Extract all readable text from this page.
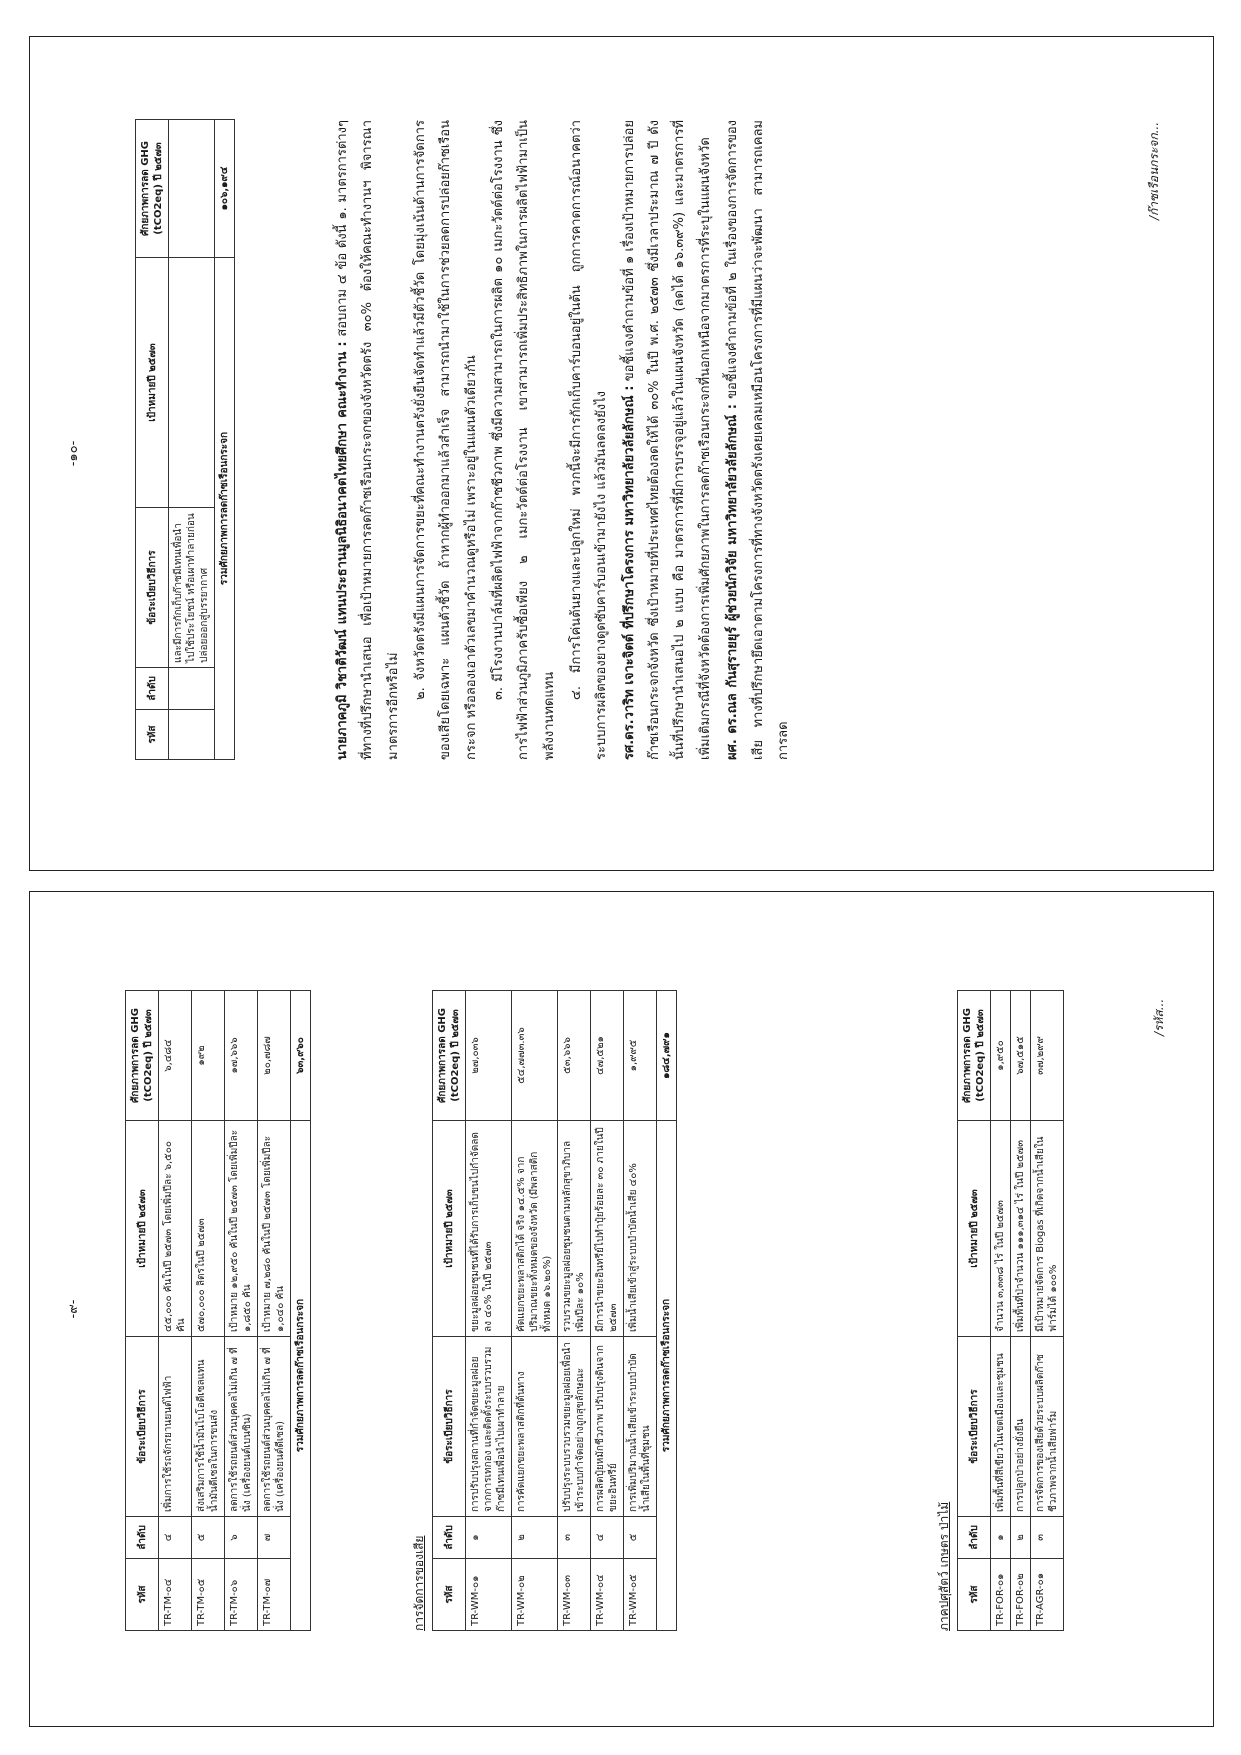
-๑๐-
รหัส	ลำดับ	ข้อระเบียบวิธีการ	เป้าหมายปี ๒๕๗๓	ศักยภาพการลด GHG (tCO2eq) ปี ๒๕๗๓
		และมีการกักเก็บก๊าซมีเทนเพื่อนำไปใช้ประโยชน์ หรือเผาทำลายก่อนปล่อยออกสู่บรรยากาศ		
รวมศักยภาพการลดก๊าซเรือนกระจก				๑๐๖,๑๙๔

นายภาคภูมิ วิชาติวัฒน์ แทนประธานมูลนิธิอนาคตไทยศึกษา คณะทำงาน : สอบถาม ๔ ข้อ ดังนี้ ๑. มาตรการต่างๆ ที่ทางที่ปรึกษานำเสนอ เพื่อเป้าหมายการลดก๊าซเรือนกระจกของจังหวัดตรัง ๓๐% ต้องให้คณะทำงานฯ พิจารณามาตรการอีกหรือไม่

๒. จังหวัดตรังมีแผนการจัดการขยะที่คณะทำงานตรังยั่งยืนจัดทำแล้วมีตัวชี้วัด โดยมุ่งเน้นด้านการจัดการของเสียโดยเฉพาะ แผนตัวชี้วัด ถ้าหากผู้ทำออกมาแล้วสำเร็จ สามารถนำมาใช้ในการช่วยลดการปล่อยก๊าซเรือนกระจก หรือลองเอาตัวเลขมาคำนวณดูหรือไม่ เพราะอยู่ในแผนตัวเดียวกัน ๓. มีโรงงานปาล์มที่ผลิตไฟฟ้าจากก๊าซชีวภาพ ซึ่งมีความสามารถในการผลิต ๑๐ เมกะวัตต์ต่อโรงงาน ซึ่งการไฟฟ้าส่วนภูมิภาครับซื้อเพียง ๒ เมกะวัตต์ต่อโรงงาน เขาสามารถเพิ่มประสิทธิภาพในการผลิตไฟฟ้ามาเป็นพลังงานทดแทน

๔. มีการโค่นต้นยางและปลูกใหม่ พวกนี้จะมีการกักเก็บคาร์บอนอยู่ในต้น ถูกการคาดการณ์อนาคตว่าระบบการผลิตของยางดูดซับคาร์บอนเข้ามายังไง แล้วมันลดลงยังไง รศ.ดร.วาริท เจาะจิตต์ ที่ปรึกษาโครงการ มหาวิทยาลัยวลัยลักษณ์ : ขอชี้แจงคำถามข้อที่ ๑ เรื่องเป้าหมายการปล่อยก๊าซเรือนกระจกจังหวัด ซึ่งเป้าหมายที่ประเทศไทยต้องลดให้ได้ ๓๐% ในปี พ.ศ. ๒๕๗๓ ซึ่งมีเวลาประมาณ ๗ ปี ดังนั้นที่ปรึกษานำเสนอไป ๒ แบบ คือ มาตรการที่มีการบรรจุอยู่แล้วในแผนจังหวัด (ลดได้ ๑๖.๓๙%) และมาตรการที่เพิ่มเติมกรณีที่จังหวัดต้องการเพิ่มศักยภาพในการลดก๊าซเรือนกระจกที่นอกเหนือจากมาตรการที่ระบุในแผนจังหวัด ผศ. ดร.ณล กันสุรายยุร์ ผู้ช่วยนักวิจัย มหาวิทยาลัยวลัยลักษณ์ : ขอชี้แจงคำถามข้อที่ ๒ ในเรื่องของการจัดการของเสีย ทางที่ปรึกษายึดเอาตามโครงการที่ทางจังหวัดตรังเคยเคลมเหมือนโครงการที่มีแผนว่าจะพัฒนา สามารถเคลมการลด

/ก๊าซเรือนกระจก...
-๙-
รหัส	ลำดับ	ข้อระเบียบวิธีการ	เป้าหมายปี ๒๕๗๓	ศักยภาพการลด GHG (tCO2eq) ปี ๒๕๗๓
TR-TM-๐๔	๔	เพิ่มการใช้รถจักรยานยนต์ไฟฟ้า	๔๕,๐๐๐ คันในปี ๒๕๗๓ โดยเพิ่มปีละ ๖,๕๐๐ คัน	๖,๔๘๔
TR-TM-๐๕	๕	ส่งเสริมการใช้น้ำมันไบโอดีเซลแทนน้ำมันดีเซลในการขนส่ง	๕๗๐,๐๐๐ ลิตรในปี ๒๕๗๓	๑๙๒
TR-TM-๐๖	๖	ลดการใช้รถยนต์ส่วนบุคคลไม่เกิน ๗ ที่นั่ง (เครื่องยนต์เบนซิน)	เป้าหมาย ๑๒,๙๕๐ คันในปี ๒๕๗๓ โดยเพิ่มปีละ ๑,๘๕๐ คัน	๑๗,๖๖๖
TR-TM-๐๗	๗	ลดการใช้รถยนต์ส่วนบุคคลไม่เกิน ๗ ที่นั่ง (เครื่องยนต์ดีเซล)	เป้าหมาย ๗,๒๘๐ คันในปี ๒๕๗๓ โดยเพิ่มปีละ ๑,๐๔๐ คัน	๒๐,๗๘๗
รวมศักยภาพการลดก๊าซเรือนกระจก				๖๓,๙๖๐
การจัดการของเสีย	รหัส	ลำดับ	ข้อระเบียบวิธีการ	เป้าหมายปี ๒๕๗๓	ศักยภาพการลด GHG (tCO2eq) ปี ๒๕๗๓
TR-WM-๐๑	๑	การปรับปรุงสถานที่กำจัดขยะมูลฝอยจากการเทกอง และติดตั้งระบบรวบรวมก๊าซมีเทนเพื่อนำไปเผาทำลาย	ขยะมูลฝอยชุมชนที่ได้รับการเก็บขนไปกำจัดลดลง ๔๐% ในปี ๒๕๗๓	๒๗,๐๓๖
TR-WM-๐๒	๒	การคัดแยกขยะพลาสติกที่ต้นทาง	คัดแยกขยะพลาสติกได้ จริง ๑๔.๕% จากปริมาณขยะทั้งหมดของจังหวัด (มีพลาสติกทั้งหมด ๑๖.๒๐%)	๕๔,๗๗๓.๓๖
TR-WM-๐๓	๓	ปรับปรุงระบบรวบรวมขยะมูลฝอยเพื่อนำเข้าระบบกำจัดอย่างถูกสุขลักษณะ	รวบรวมขยะมูลฝอยชุมชนตามหลักสุขาภิบาลเพิ่มปีละ ๑๐%	๕๓,๖๖๖
TR-WM-๐๔	๔	การผลิตปุ๋ยหมักชีวภาพ ปรับปรุงดินจากขยะอินทรีย์	มีการนำขยะอินทรีย์ไปทำปุ๋ยร้อยละ ๓๐ ภายในปี ๒๕๗๓	๔๗,๕๒๑
TR-WM-๐๕	๕	การเพิ่มปริมาณน้ำเสียเข้าระบบบำบัดน้ำเสียในพื้นที่ชุมชน	เพิ่มน้ำเสียเข้าสู่ระบบบำบัดน้ำเสีย ๔๐%	๑,๙๙๕
รวมศักยภาพการลดก๊าซเรือนกระจก				๑๘๔,๗๙๑
ภาคปศุสัตว์ เกษตร ป่าไม้	รหัส	ลำดับ	ข้อระเบียบวิธีการ	เป้าหมายปี ๒๕๗๓	ศักยภาพการลด GHG (tCO2eq) ปี ๒๕๗๓
TR-FOR-๐๑	๑	เพิ่มพื้นที่สีเขียวในเขตเมืองและชุมชน	จำนวน ๓,๓๓๘ ไร่ ในปี ๒๕๗๓	๑,๙๕๐
TR-FOR-๐๒	๒	การปลูกป่าอย่างยั่งยืน	เพิ่มพื้นที่ป่าจำนวน ๑๑๑,๓๑๔ ไร่ ในปี ๒๕๗๓	๖๗,๕๑๕
TR-AGR-๐๑	๓	การจัดการของเสียด้วยระบบผลิตก๊าซชีวภาพจากน้ำเสียฟาร์ม	มีเป้าหมายจัดการ Biogas ที่เกิดจากน้ำเสียในฟาร์มได้ ๑๐๐%	๓๗,๒๙๙
/รหัส...
